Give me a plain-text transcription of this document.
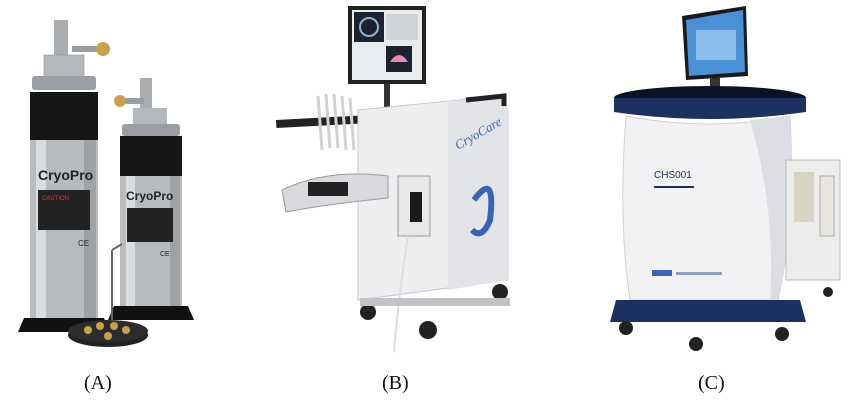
CryoPro
CAUTION
CE
CryoPro
CE
(A)
CryoCare
(B)
CHS001
(C)
